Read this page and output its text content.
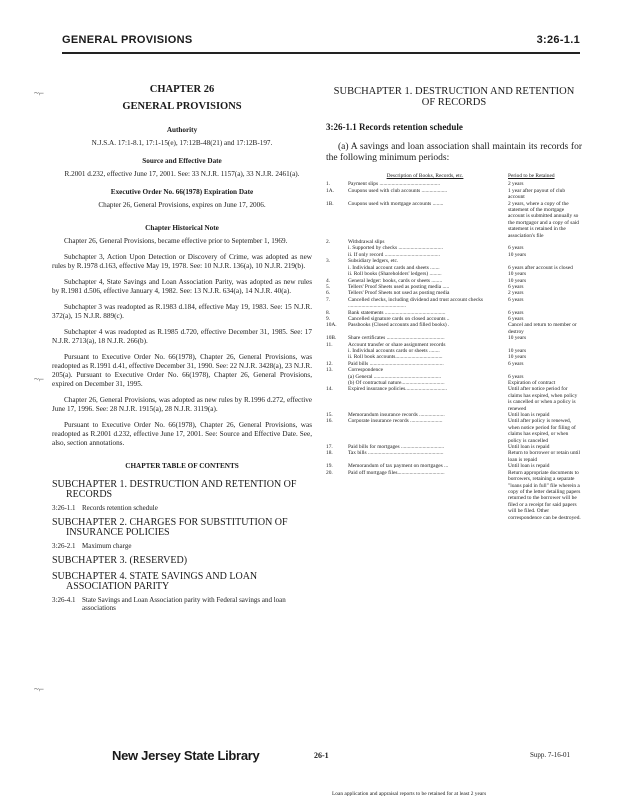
GENERAL PROVISIONS	3:26-1.1
~⌐
~⌐
~⌐
CHAPTER 26
GENERAL PROVISIONS
Authority
N.J.S.A. 17:1-8.1, 17:1-15(e), 17:12B-48(21) and 17:12B-197.
Source and Effective Date
R.2001 d.232, effective June 17, 2001. See: 33 N.J.R. 1157(a), 33 N.J.R. 2461(a).
Executive Order No. 66(1978) Expiration Date
Chapter 26, General Provisions, expires on June 17, 2006.
Chapter Historical Note
Chapter 26, General Provisions, became effective prior to September 1, 1969.
Subchapter 3, Action Upon Detection or Discovery of Crime, was adopted as new rules by R.1978 d.163, effective May 19, 1978. See: 10 N.J.R. 136(a), 10 N.J.R. 219(b).
Subchapter 4, State Savings and Loan Association Parity, was adopted as new rules by R.1981 d.506, effective January 4, 1982. See: 13 N.J.R. 634(a), 14 N.J.R. 40(a).
Subchapter 3 was readopted as R.1983 d.184, effective May 19, 1983. See: 15 N.J.R. 372(a), 15 N.J.R. 889(c).
Subchapter 4 was readopted as R.1985 d.720, effective December 31, 1985. See: 17 N.J.R. 2713(a), 18 N.J.R. 266(b).
Pursuant to Executive Order No. 66(1978), Chapter 26, General Provisions, was readopted as R.1991 d.41, effective December 31, 1990. See: 22 N.J.R. 3428(a), 23 N.J.R. 205(a). Pursuant to Executive Order No. 66(1978), Chapter 26, General Provisions, expired on December 31, 1995.
Chapter 26, General Provisions, was adopted as new rules by R.1996 d.272, effective June 17, 1996. See: 28 N.J.R. 1915(a), 28 N.J.R. 3119(a).
Pursuant to Executive Order No. 66(1978), Chapter 26, General Provisions, was readopted as R.2001 d.232, effective June 17, 2001. See: Source and Effective Date. See, also, section annotations.
CHAPTER TABLE OF CONTENTS
SUBCHAPTER 1. DESTRUCTION AND RETENTION OF RECORDS
3:26-1.1 Records retention schedule
SUBCHAPTER 2. CHARGES FOR SUBSTITUTION OF INSURANCE POLICIES
3:26-2.1 Maximum charge
SUBCHAPTER 3. (RESERVED)
SUBCHAPTER 4. STATE SAVINGS AND LOAN ASSOCIATION PARITY
3:26-4.1 State Savings and Loan Association parity with Federal savings and loan associations
SUBCHAPTER 1. DESTRUCTION AND RETENTION OF RECORDS
3:26-1.1 Records retention schedule
(a) A savings and loan association shall maintain its records for the following minimum periods:
	Description of Books, Records, etc.	Period to be Retained
1.	Payment slips .............................................	2 years
1A.	Coupons used with club accounts ...................	1 year after payout of club account
1B.	Coupons used with mortgage accounts ........	2 years, where a copy of the statement of the mortgage account is submitted annually so the mortgagor and a copy of said statement is retained in the association's file
2.	Withdrawal slips	
	i. Supported by checks .................................	6 years
	ii. If only record .........................................	10 years
3.	Subsidiary ledgers, etc.	
	i. Individual account cards and sheets .......	6 years after account is closed
	ii. Roll books (Shareholders' ledgers) .........	10 years
4.	General ledger: books, cards or sheets ........	10 years
5.	Tellers' Proof Sheets used as posting media .....	6 years
6.	Tellers' Proof Sheets not used as posting media	2 years
7.	Cancelled checks, including dividend and trust account checks ...........................................	6 years
8.	Bank statements .............................................	6 years
9.	Cancelled signature cards on closed accounts ..	6 years
10A.	Passbooks (Closed accounts and filled books) .	Cancel and return to member or destroy
10B.	Share certificates ...........................................	10 years
11.	Account transfer or share assignment records	
	i. Individual accounts cards or sheets ........	10 years
	ii. Roll book accounts...................................	10 years
12.	Paid bills .......................................................	6 years
13.	Correspondence	
	(a) General ..................................................	6 years
	(b) Of contractual nature................................	Expiration of contract
14.	Expired insurance policies...............................	Until after notice period for claims has expired, when policy is cancelled or when a policy is renewed
15.	Memorandum insurance records ...................	Until loan is repaid
16.	Corporate insurance records ........................	Until after policy is renewed, when notice period for filing of claims has expired, or when policy is cancelled
17.	Paid bills for mortgages ................................	Until loan is repaid
18.	Tax bills ........................................................	Return to borrower or retain until loan is repaid
19.	Memorandum of tax payment on mortgages ...	Until loan is repaid
20.	Paid off mortgage files...................................	Return appropriate documents to borrowers, retaining a separate "loans paid in full" file wherein a copy of the letter detailing papers returned to the borrower will be filed or a receipt for said papers will be filed. Other correspondence can be destroyed.
Loan application and appraisal reports to be retained for at least 2 years
New Jersey State Library	26-1	Supp. 7-16-01
